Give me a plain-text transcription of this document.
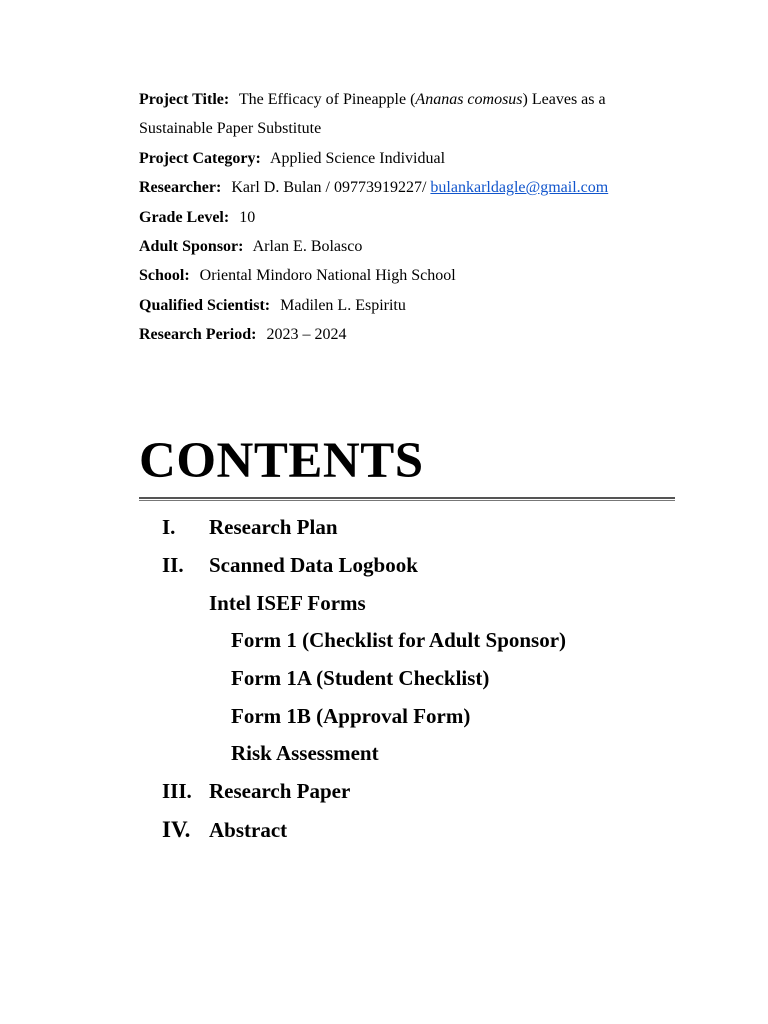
Project Title: The Efficacy of Pineapple (Ananas comosus) Leaves as a Sustainable Paper Substitute
Project Category: Applied Science Individual
Researcher: Karl D. Bulan / 09773919227/ bulankarldagle@gmail.com
Grade Level: 10
Adult Sponsor: Arlan E. Bolasco
School: Oriental Mindoro National High School
Qualified Scientist: Madilen L. Espiritu
Research Period: 2023 – 2024
CONTENTS
I. Research Plan
II. Scanned Data Logbook
Intel ISEF Forms
Form 1 (Checklist for Adult Sponsor)
Form 1A (Student Checklist)
Form 1B (Approval Form)
Risk Assessment
III. Research Paper
IV. Abstract
